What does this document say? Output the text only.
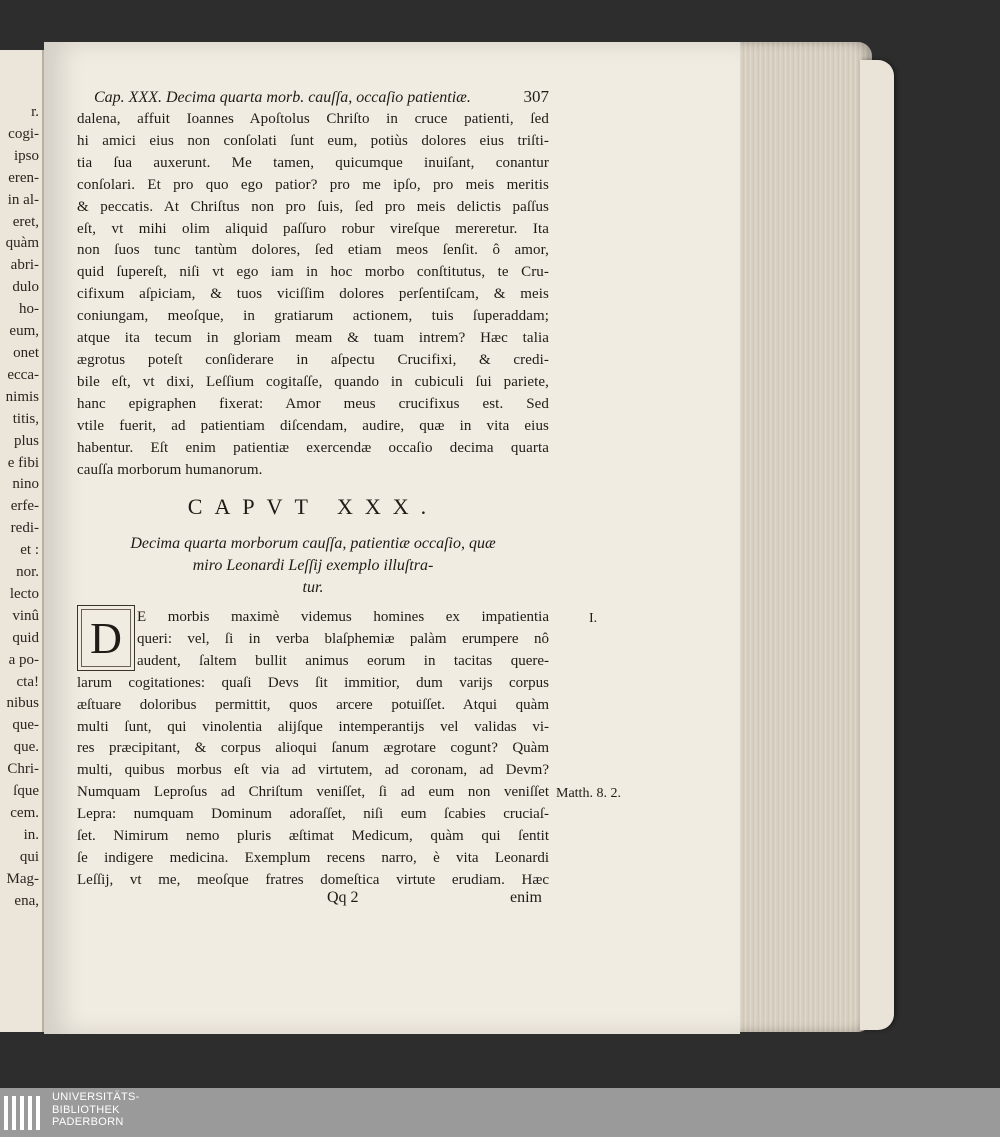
r.
cogi-
ipso
eren-
in al-
eret,
quàm
abri-
dulo
ho-
eum,
onet
ecca-
nimis
titis,
plus
e fibi
nino
erfe-
redi-
et :
nor.
lecto
vinû
quid
a po-
cta!
nibus
que-
que.
Chri-
ſque
cem.
in.
qui
Mag-
ena,
Cap. XXX. Decima quarta morb. cauſſa, occaſio patientiæ.	307
dalena, affuit Ioannes Apoſtolus Chriſto in cruce patienti, ſed
hi amici eius non conſolati ſunt eum, potiùs dolores eius triſti-
tia ſua auxerunt. Me tamen, quicumque inuiſant, conantur
conſolari. Et pro quo ego patior? pro me ipſo, pro meis meritis
& peccatis. At Chriſtus non pro ſuis, ſed pro meis delictis paſſus
eſt, vt mihi olim aliquid paſſuro robur vireſque mereretur. Ita
non ſuos tunc tantùm dolores, ſed etiam meos ſenſit. ô amor,
quid ſupereſt, niſi vt ego iam in hoc morbo conſtitutus, te Cru-
cifixum aſpiciam, & tuos viciſſim dolores perſentiſcam, & meis
coniungam, meoſque, in gratiarum actionem, tuis ſuperaddam;
atque ita tecum in gloriam meam & tuam intrem? Hæc talia
ægrotus poteſt conſiderare in aſpectu Crucifixi, & credi-
bile eſt, vt dixi, Leſſium cogitaſſe, quando in cubiculi ſui pariete,
hanc epigraphen fixerat: Amor meus crucifixus est. Sed
vtile fuerit, ad patientiam diſcendam, audire, quæ in vita eius
habentur. Eſt enim patientiæ exercendæ occaſio decima quarta
cauſſa morborum humanorum.
CAPVT XXX.
Decima quarta morborum cauſſa, patientiæ occaſio, quæ
miro Leonardi Leſſij exemplo illuſtra-
tur.
D	E morbis maximè videmus homines ex impatientia
queri: vel, ſi in verba blaſphemiæ palàm erumpere nô
audent, ſaltem bullit animus eorum in tacitas quere-
larum cogitationes: quaſi Devs ſit immitior, dum varijs corpus
æſtuare doloribus permittit, quos arcere potuiſſet. Atqui quàm
multi ſunt, qui vinolentia alijſque intemperantijs vel validas vi-
res præcipitant, & corpus alioqui ſanum ægrotare cogunt? Quàm
multi, quibus morbus eſt via ad virtutem, ad coronam, ad Devm?
Numquam Leproſus ad Chriſtum veniſſet, ſi ad eum non veniſſet
Lepra: numquam Dominum adoraſſet, niſi eum ſcabies cruciaſ-
ſet. Nimirum nemo pluris æſtimat Medicum, quàm qui ſentit
ſe indigere medicina. Exemplum recens narro, è vita Leonardi
Leſſij, vt me, meoſque fratres domeſtica virtute erudiam. Hæc
Qq 2	enim
I.
Matth. 8. 2.
UNIVERSITÄTS-
BIBLIOTHEK
PADERBORN
